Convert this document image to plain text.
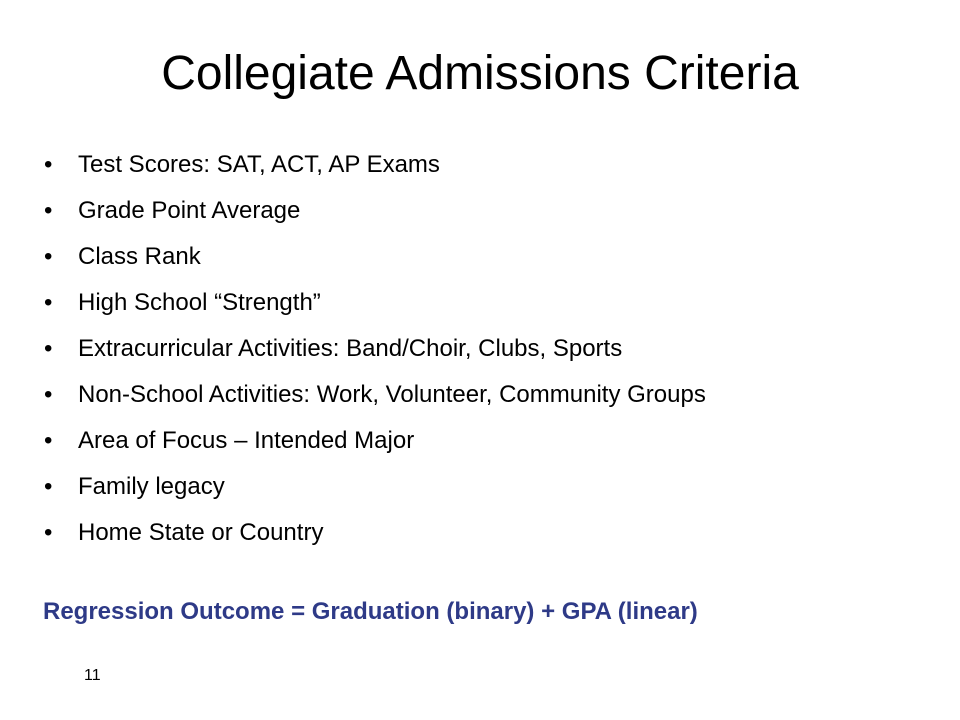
Collegiate Admissions Criteria
• Test Scores: SAT, ACT, AP Exams
• Grade Point Average
• Class Rank
• High School “Strength”
• Extracurricular Activities: Band/Choir, Clubs, Sports
• Non-School Activities: Work, Volunteer, Community Groups
• Area of Focus – Intended Major
• Family legacy
• Home State or Country
Regression Outcome = Graduation (binary) + GPA (linear)
11
